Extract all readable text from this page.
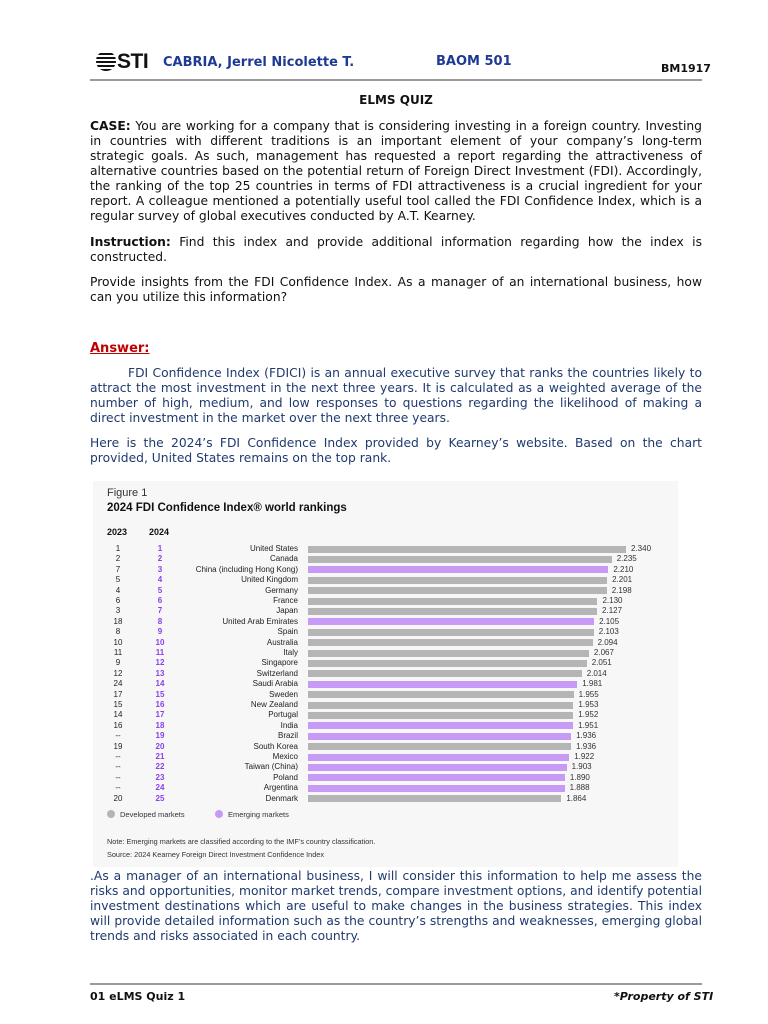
STI CABRIA, Jerrel Nicolette T.	BAOM 501	BM1917
ELMS QUIZ
CASE: You are working for a company that is considering investing in a foreign country. Investing in countries with different traditions is an important element of your company’s long-term strategic goals. As such, management has requested a report regarding the attractiveness of alternative countries based on the potential return of Foreign Direct Investment (FDI). Accordingly, the ranking of the top 25 countries in terms of FDI attractiveness is a crucial ingredient for your report. A colleague mentioned a potentially useful tool called the FDI Confidence Index, which is a regular survey of global executives conducted by A.T. Kearney.
Instruction: Find this index and provide additional information regarding how the index is constructed.
Provide insights from the FDI Confidence Index. As a manager of an international business, how can you utilize this information?
Answer:
FDI Confidence Index (FDICI) is an annual executive survey that ranks the countries likely to attract the most investment in the next three years. It is calculated as a weighted average of the number of high, medium, and low responses to questions regarding the likelihood of making a direct investment in the market over the next three years.
Here is the 2024’s FDI Confidence Index provided by Kearney’s website. Based on the chart provided, United States remains on the top rank.
Figure 1
2024 FDI Confidence Index® world rankings
2023 2024
1	1	United States	2.340
2	2	Canada	2.235
7	3	China (including Hong Kong)	2.210
5	4	United Kingdom	2.201
4	5	Germany	2.198
6	6	France	2.130
3	7	Japan	2.127
18	8	United Arab Emirates	2.105
8	9	Spain	2.103
10	10	Australia	2.094
11	11	Italy	2.067
9	12	Singapore	2.051
12	13	Switzerland	2.014
24	14	Saudi Arabia	1.981
17	15	Sweden	1.955
15	16	New Zealand	1.953
14	17	Portugal	1.952
16	18	India	1.951
--	19	Brazil	1.936
19	20	South Korea	1.936
--	21	Mexico	1.922
--	22	Taiwan (China)	1.903
--	23	Poland	1.890
--	24	Argentina	1.888
20	25	Denmark	1.864
Developed markets	Emerging markets
Note: Emerging markets are classified according to the IMF’s country classification.
Source: 2024 Kearney Foreign Direct Investment Confidence Index
.As a manager of an international business, I will consider this information to help me assess the risks and opportunities, monitor market trends, compare investment options, and identify potential investment destinations which are useful to make changes in the business strategies. This index will provide detailed information such as the country’s strengths and weaknesses, emerging global trends and risks associated in each country.
01 eLMS Quiz 1	*Property of STI
